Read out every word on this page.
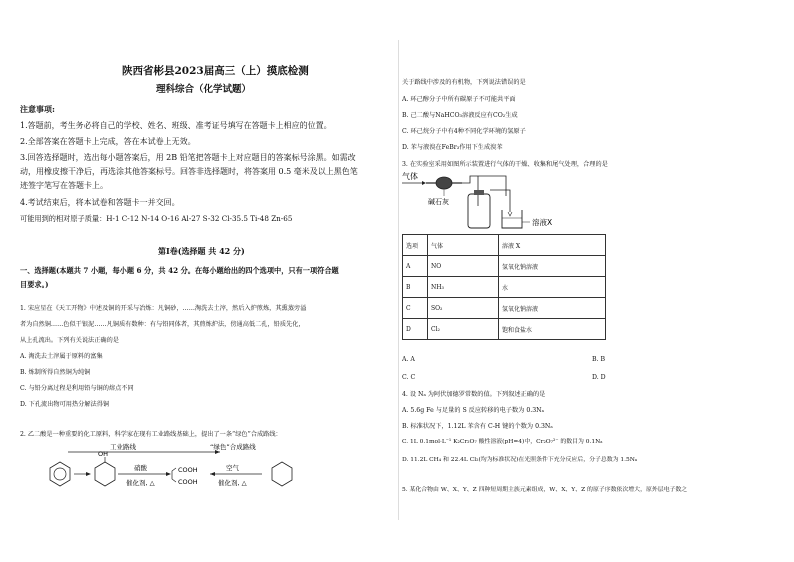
陕西省彬县2023届高三（上）摸底检测
理科综合（化学试题）
注意事项:
1.答题前，考生务必将自己的学校、姓名、班级、准考证号填写在答题卡上相应的位置。
2.全部答案在答题卡上完成，答在本试卷上无效。
3.回答选择题时，选出每小题答案后，用 2B 铅笔把答题卡上对应题目的答案标号涂黑。如需改
动，用橡皮擦干净后，再选涂其他答案标号。回答非选择题时，将答案用 0.5 毫米及以上黑色笔
迹签字笔写在答题卡上。
4.考试结束后，将本试卷和答题卡一并交回。
可能用到的相对原子质量：H-1 C-12 N-14 O-16 Al-27 S-32 Cl-35.5 Ti-48 Zn-65
第Ⅰ卷(选择题 共 42 分)
一、选择题(本题共 7 小题，每小题 6 分，共 42 分。在每小题给出的四个选项中，只有一项符合题
目要求。)
1. 宋应星在《天工开物》中述及铜的开采与冶炼：凡铜砂，……淘洗去土滓，然后入炉煎炼，其熏蒸旁溢
者为自然铜……色似干银泥……凡铜质有数种：有与铅同体者，其煎炼炉法，傍通高低二孔，铅质先化，
从上孔流出。下列有关说法正确的是
A. 淘洗去土滓属于原料的富集
B. 炼制所得自然铜为纯铜
C. 与铅分离过程是利用铅与铜的熔点不同
D. 下孔流出物可用热分解法得铜
2. 乙二酸是一种重要的化工原料，科学家在现有工业路线基础上，提出了一条“绿色”合成路线：
工业路线
OH
硝酸
催化剂, △
COOH
COOH
“绿色”合成路线
空气
催化剂, △
关于路线中涉及的有机物，下列说法错误的是
A. 环己醇分子中所有碳原子不可能共平面
B. 己二酸与NaHCO₃溶液反应有CO₂生成
C. 环己烷分子中有4种不同化学环境的氢原子
D. 苯与液溴在FeBr₃作用下生成溴苯
3. 在实验室采用如图所示装置进行气体的干燥、收集和尾气处理，合理的是
气体
碱石灰
溶液X
选项	气体	溶液 X
A	NO	氢氧化钠溶液
B	NH₃	水
C	SO₂	氢氧化钠溶液
D	Cl₂	饱和食盐水
A. A	B. B
C. C	D. D
4. 设 Nₐ 为阿伏加德罗常数的值。下列叙述正确的是
A. 5.6g Fe 与足量的 S 反应转移的电子数为 0.3Nₐ
B. 标准状况下，1.12L 苯含有 C-H 键的个数为 0.3Nₐ
C. 1L 0.1mol·L⁻¹ K₂Cr₂O₇ 酸性溶液(pH=4)中，Cr₂O₇²⁻ 的数目为 0.1Nₐ
D. 11.2L CH₄ 和 22.4L Cl₂(均为标准状况)在光照条件下充分反应后，分子总数为 1.5Nₐ
5. 某化合物由 W、X、Y、Z 四种短周期主族元素组成，W、X、Y、Z 的原子序数依次增大，原外层电子数之
